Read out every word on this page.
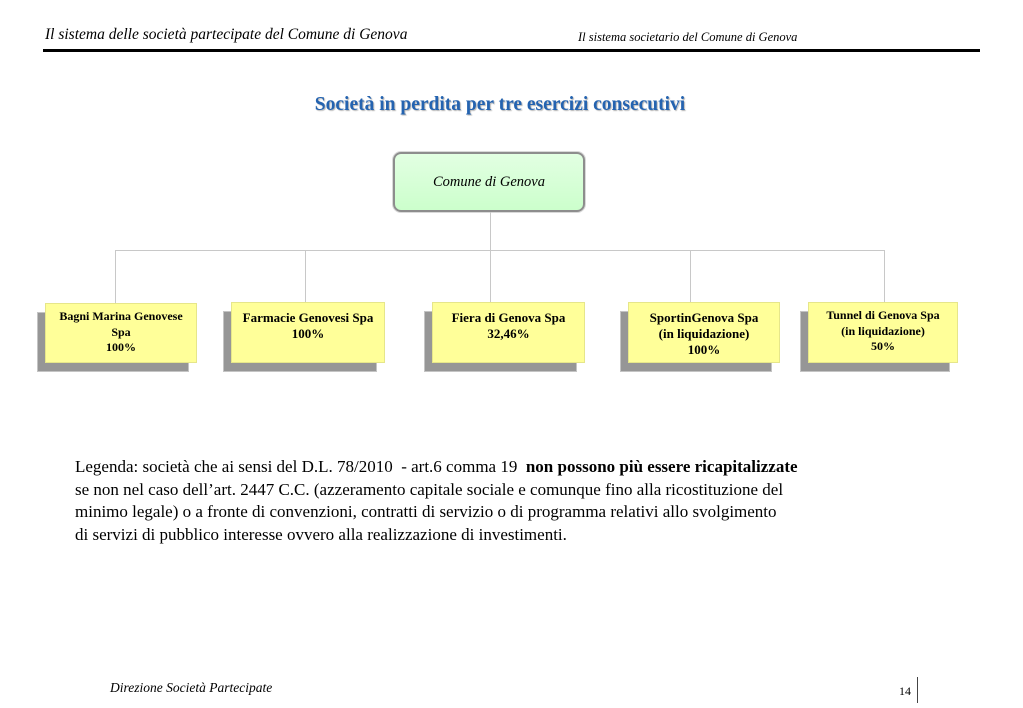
Il sistema delle società partecipate del Comune di Genova	Il sistema societario del Comune di Genova
Società in perdita per tre esercizi consecutivi
Comune di Genova
Bagni Marina Genovese
Spa
100%
Farmacie Genovesi Spa
100%
Fiera di Genova Spa
32,46%
SportinGenova Spa
(in liquidazione)
100%
Tunnel di Genova Spa
(in liquidazione)
50%
Legenda: società che ai sensi del D.L. 78/2010  - art.6 comma 19  non possono più essere ricapitalizzate
se non nel caso dell’art. 2447 C.C. (azzeramento capitale sociale e comunque fino alla ricostituzione del
minimo legale) o a fronte di convenzioni, contratti di servizio o di programma relativi allo svolgimento
di servizi di pubblico interesse ovvero alla realizzazione di investimenti.
Direzione Società Partecipate	14
